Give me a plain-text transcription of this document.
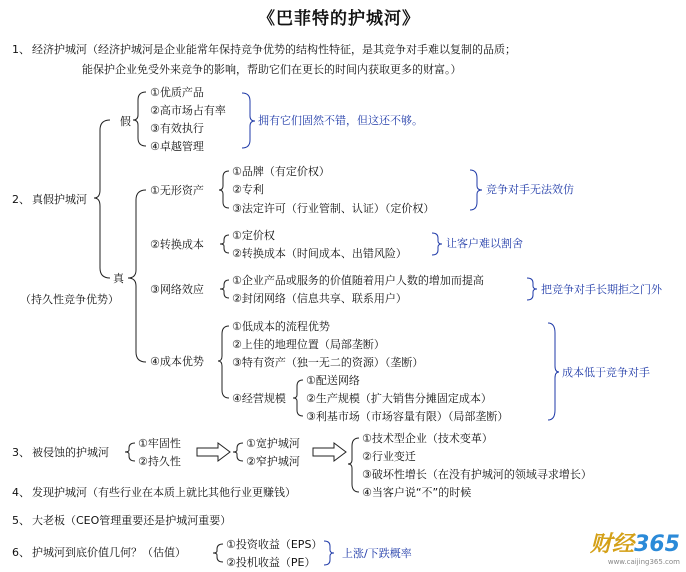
《巴菲特的护城河》
1、 经济护城河（经济护城河是企业能常年保持竞争优势的结构性特征，是其竞争对手难以复制的品质；
能保护企业免受外来竞争的影响，帮助它们在更长的时间内获取更多的财富。）
2、 真假护城河
假
①优质产品
②高市场占有率
③有效执行
④卓越管理
拥有它们固然不错，但这还不够。
真
（持久性竞争优势）
①无形资产
①品牌（有定价权）
②专利
③法定许可（行业管制、认证）（定价权）
竞争对手无法效仿
②转换成本
①定价权
②转换成本（时间成本、出错风险）
让客户难以割舍
③网络效应
①企业产品或服务的价值随着用户人数的增加而提高
②封闭网络（信息共享、联系用户）
把竞争对手长期拒之门外
④成本优势
①低成本的流程优势
②上佳的地理位置（局部垄断）
③特有资产（独一无二的资源）（垄断）
④经营规模
①配送网络
②生产规模（扩大销售分摊固定成本）
③利基市场（市场容量有限）（局部垄断）
成本低于竞争对手
3、 被侵蚀的护城河
①牢固性
②持久性
①宽护城河
②窄护城河
①技术型企业（技术变革）
②行业变迁
③破坏性增长（在没有护城河的领域寻求增长）
④当客户说“不”的时候
4、 发现护城河（有些行业在本质上就比其他行业更赚钱）
5、 大老板（CEO管理重要还是护城河重要）
6、 护城河到底价值几何？（估值）
①投资收益（EPS）
②投机收益（PE）
上涨/下跌概率	财经365
www.caijing365.com
